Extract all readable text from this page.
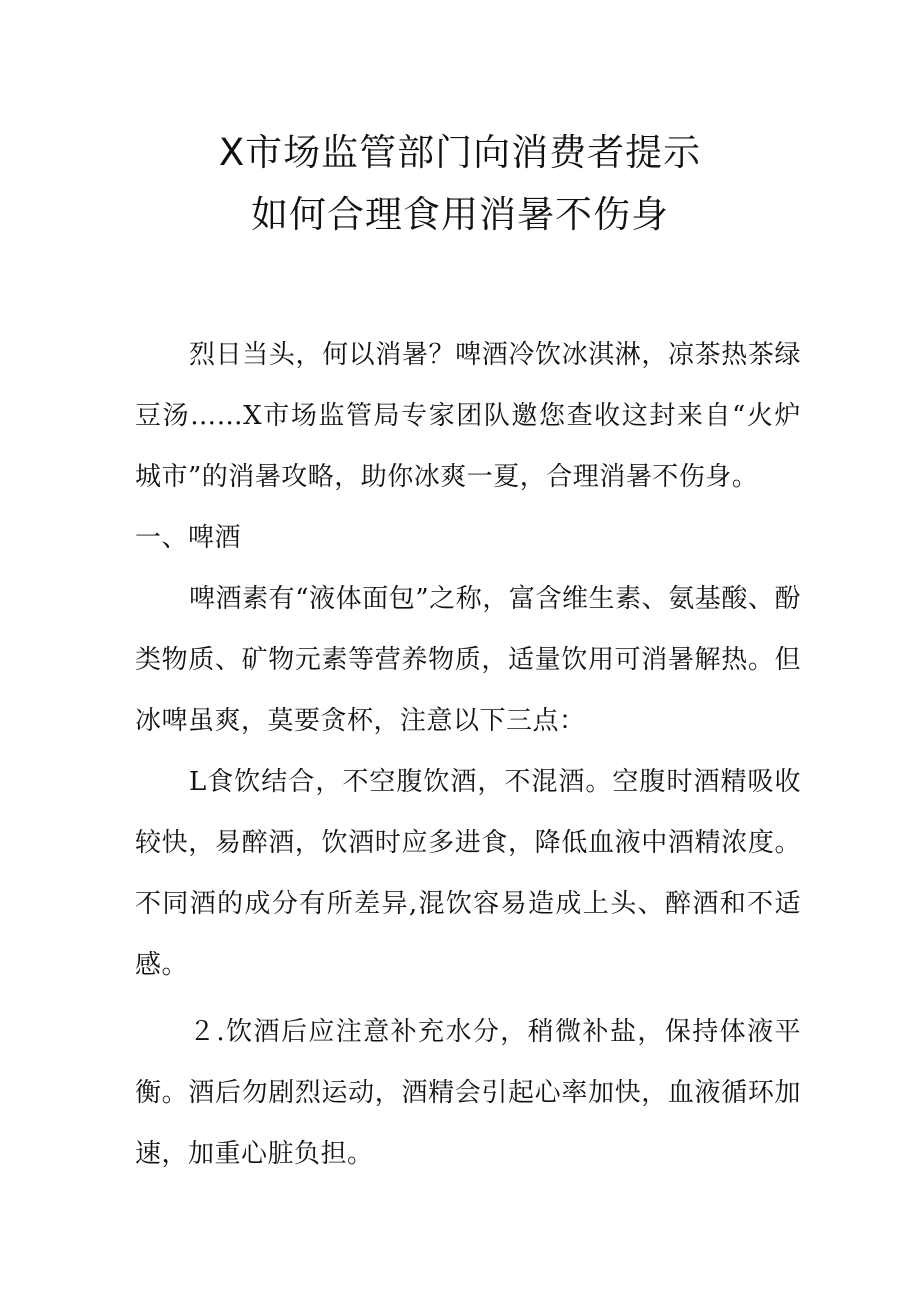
X市场监管部门向消费者提示
如何合理食用消暑不伤身

烈日当头，何以消暑？啤酒冷饮冰淇淋，凉茶热茶绿豆汤……X市场监管局专家团队邀您查收这封来自“火炉城市”的消暑攻略，助你冰爽一夏，合理消暑不伤身。

一、啤酒

啤酒素有“液体面包”之称，富含维生素、氨基酸、酚类物质、矿物元素等营养物质，适量饮用可消暑解热。但冰啤虽爽，莫要贪杯，注意以下三点：

L食饮结合，不空腹饮酒，不混酒。空腹时酒精吸收较快，易醉酒，饮酒时应多进食，降低血液中酒精浓度。不同酒的成分有所差异,混饮容易造成上头、醉酒和不适感。

２.饮酒后应注意补充水分，稍微补盐，保持体液平衡。酒后勿剧烈运动，酒精会引起心率加快，血液循环加速，加重心脏负担。
